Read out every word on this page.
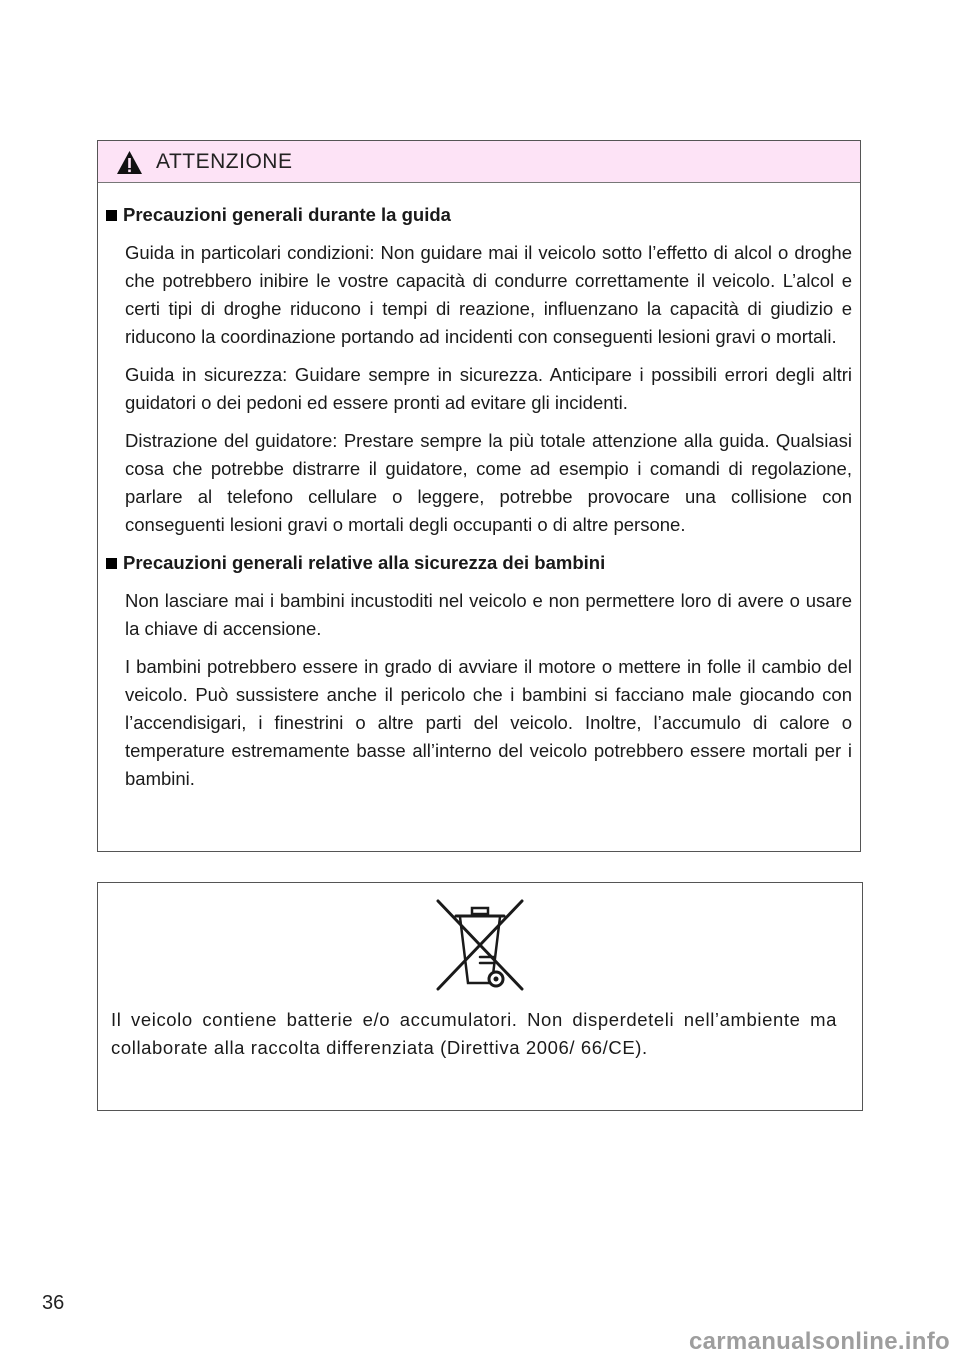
ATTENZIONE
Precauzioni generali durante la guida

Guida in particolari condizioni: Non guidare mai il veicolo sotto l’effetto di alcol o droghe che potrebbero inibire le vostre capacità di condurre correttamente il veicolo. L’alcol e certi tipi di droghe riducono i tempi di reazione, influenzano la capacità di giudizio e riducono la coordinazione portando ad incidenti con conseguenti lesioni gravi o mortali.

Guida in sicurezza: Guidare sempre in sicurezza. Anticipare i possibili errori degli altri guidatori o dei pedoni ed essere pronti ad evitare gli incidenti.

Distrazione del guidatore: Prestare sempre la più totale attenzione alla guida. Qualsiasi cosa che potrebbe distrarre il guidatore, come ad esempio i comandi di regolazione, parlare al telefono cellulare o leggere, potrebbe provocare una collisione con conseguenti lesioni gravi o mortali degli occupanti o di altre persone.

Precauzioni generali relative alla sicurezza dei bambini

Non lasciare mai i bambini incustoditi nel veicolo e non permettere loro di avere o usare la chiave di accensione.

I bambini potrebbero essere in grado di avviare il motore o mettere in folle il cambio del veicolo. Può sussistere anche il pericolo che i bambini si facciano male giocando con l’accendisigari, i finestrini o altre parti del veicolo. Inoltre, l’accumulo di calore o temperature estremamente basse all’interno del veicolo potrebbero essere mortali per i bambini.

Il veicolo contiene batterie e/o accumulatori. Non disperdeteli nell’ambiente ma collaborate alla raccolta differenziata (Direttiva 2006/ 66/CE).
36
carmanualsonline.info
